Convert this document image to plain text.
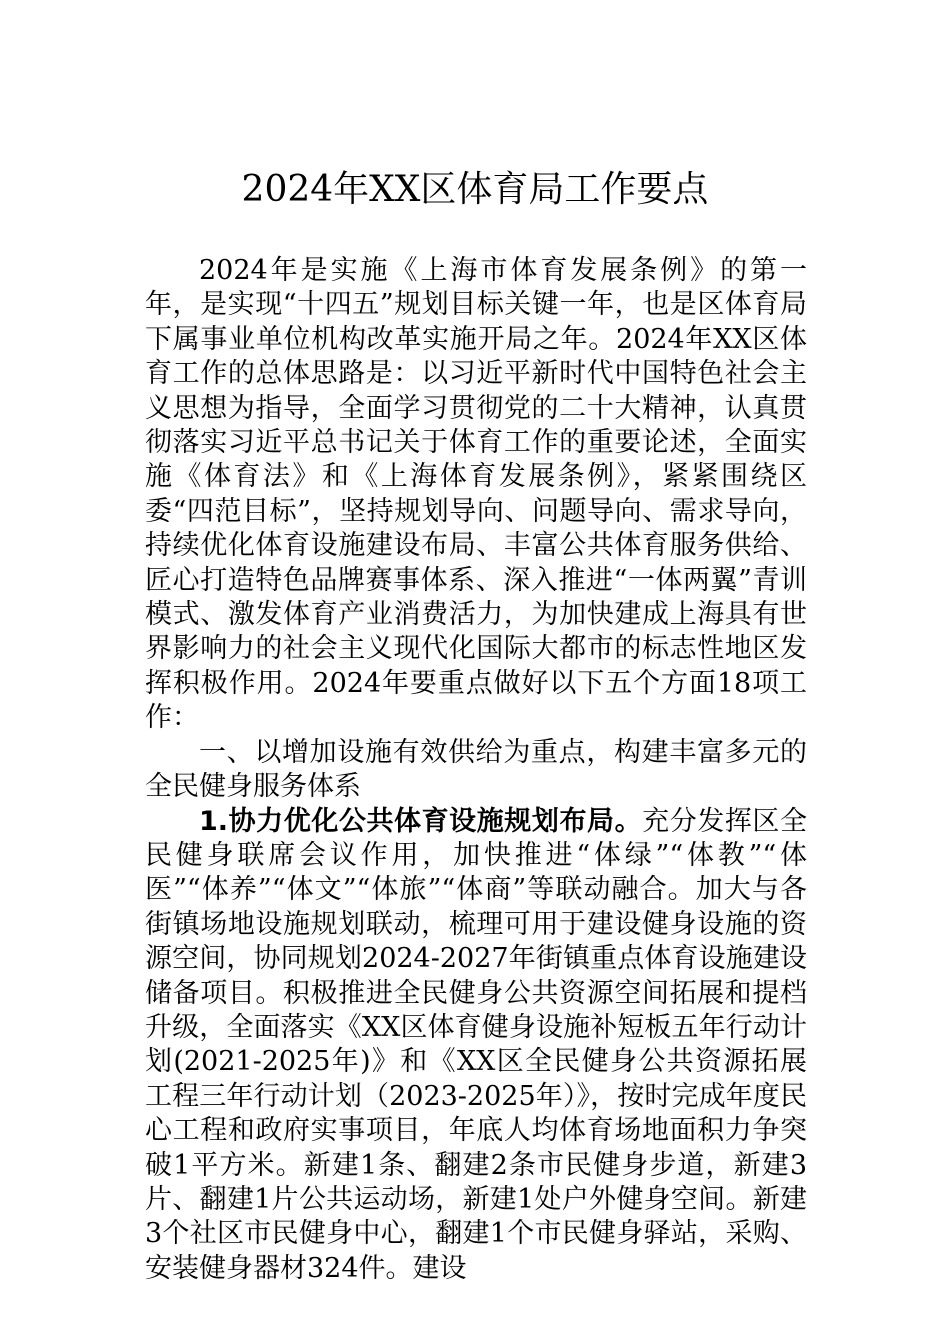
2024年XX区体育局工作要点

2024年是实施《上海市体育发展条例》的第一年，是实现“十四五”规划目标关键一年，也是区体育局下属事业单位机构改革实施开局之年。2024年XX区体育工作的总体思路是：以习近平新时代中国特色社会主义思想为指导，全面学习贯彻党的二十大精神，认真贯彻落实习近平总书记关于体育工作的重要论述，全面实施《体育法》和《上海体育发展条例》，紧紧围绕区委“四范目标”，坚持规划导向、问题导向、需求导向，持续优化体育设施建设布局、丰富公共体育服务供给、匠心打造特色品牌赛事体系、深入推进“一体两翼”青训模式、激发体育产业消费活力，为加快建成上海具有世界影响力的社会主义现代化国际大都市的标志性地区发挥积极作用。2024年要重点做好以下五个方面18项工作：

一、以增加设施有效供给为重点，构建丰富多元的全民健身服务体系

1.协力优化公共体育设施规划布局。充分发挥区全民健身联席会议作用，加快推进“体绿”“体教”“体医”“体养”“体文”“体旅”“体商”等联动融合。加大与各街镇场地设施规划联动，梳理可用于建设健身设施的资源空间，协同规划2024-2027年街镇重点体育设施建设储备项目。积极推进全民健身公共资源空间拓展和提档升级，全面落实《XX区体育健身设施补短板五年行动计划(2021-2025年)》和《XX区全民健身公共资源拓展工程三年行动计划（2023-2025年）》，按时完成年度民心工程和政府实事项目，年底人均体育场地面积力争突破1平方米。新建1条、翻建2条市民健身步道，新建3片、翻建1片公共运动场，新建1处户外健身空间。新建3个社区市民健身中心，翻建1个市民健身驿站，采购、安装健身器材324件。建设
